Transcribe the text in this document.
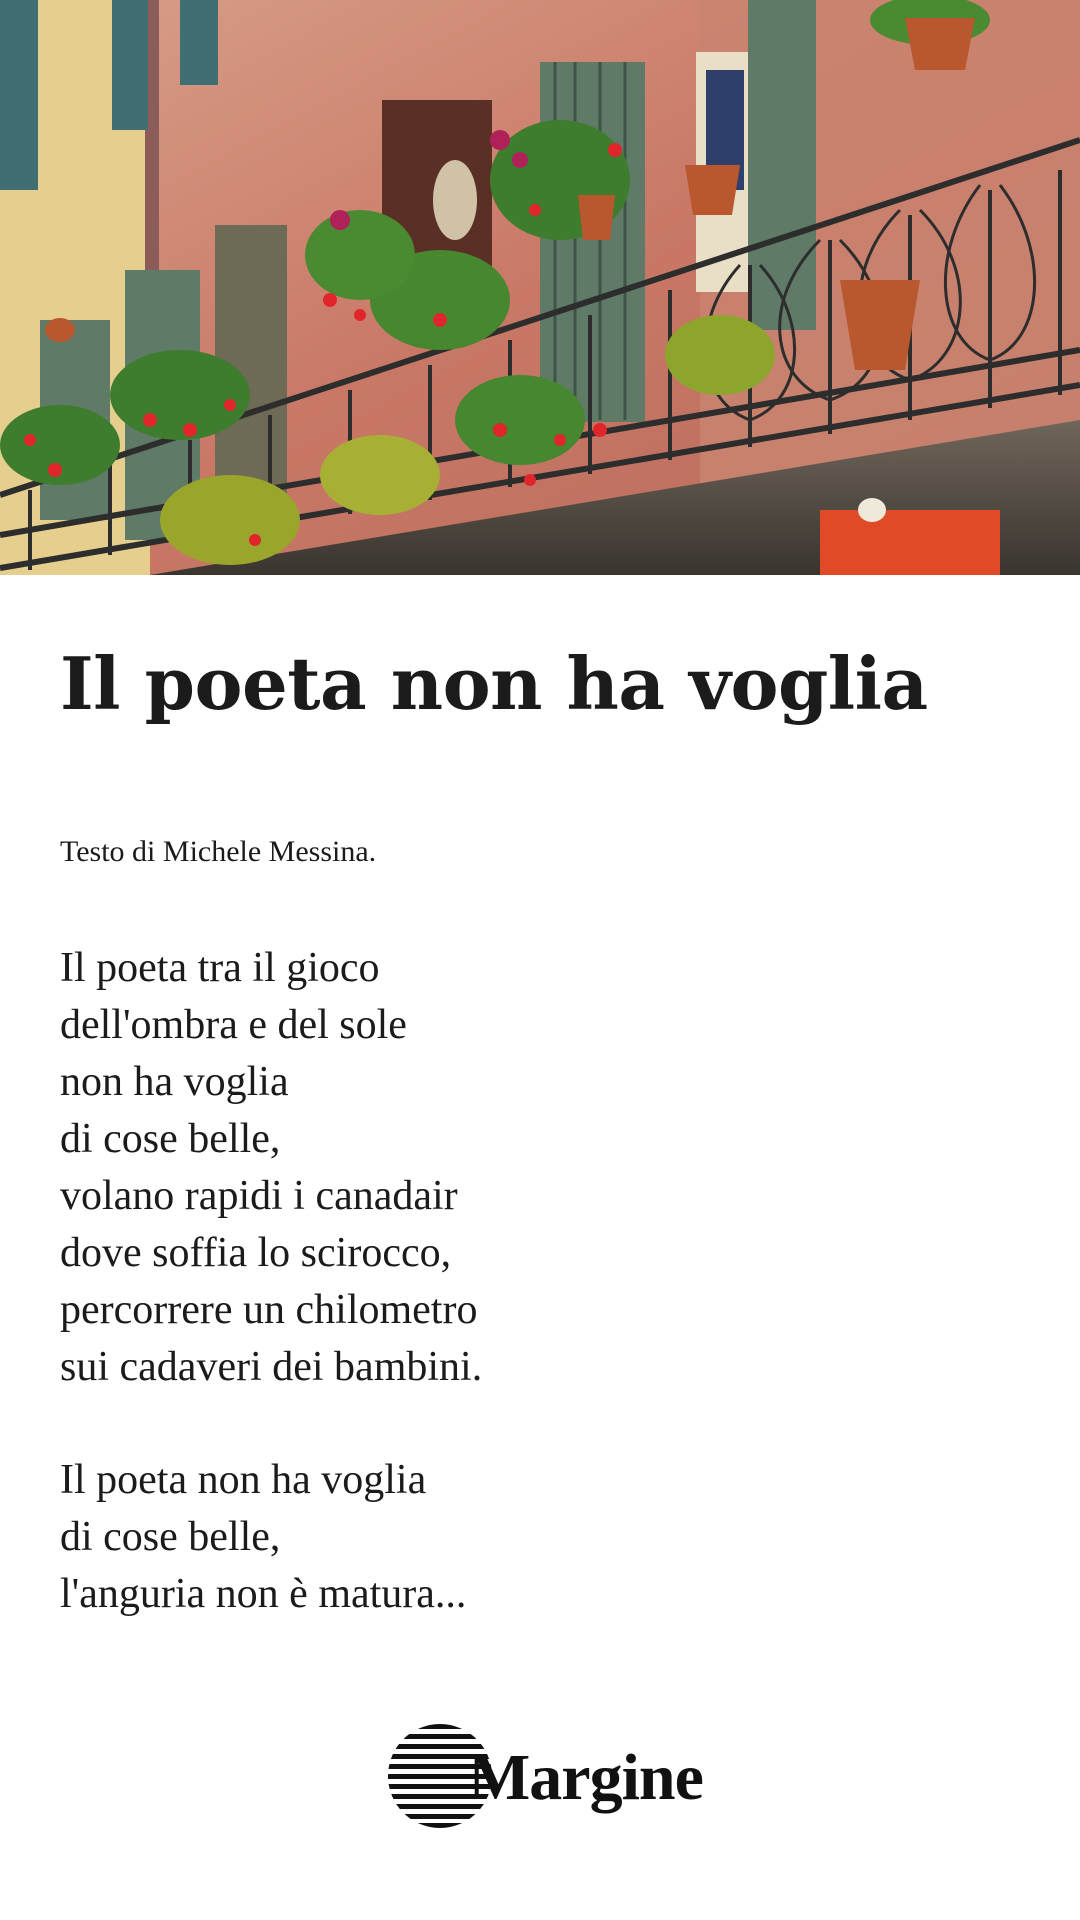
Il poeta non ha voglia

Testo di Michele Messina.

Il poeta tra il gioco
dell'ombra e del sole
non ha voglia
di cose belle,
volano rapidi i canadair
dove soffia lo scirocco,
percorrere un chilometro
sui cadaveri dei bambini.
Il poeta non ha voglia
di cose belle,
l'anguria non è matura...
Margine
